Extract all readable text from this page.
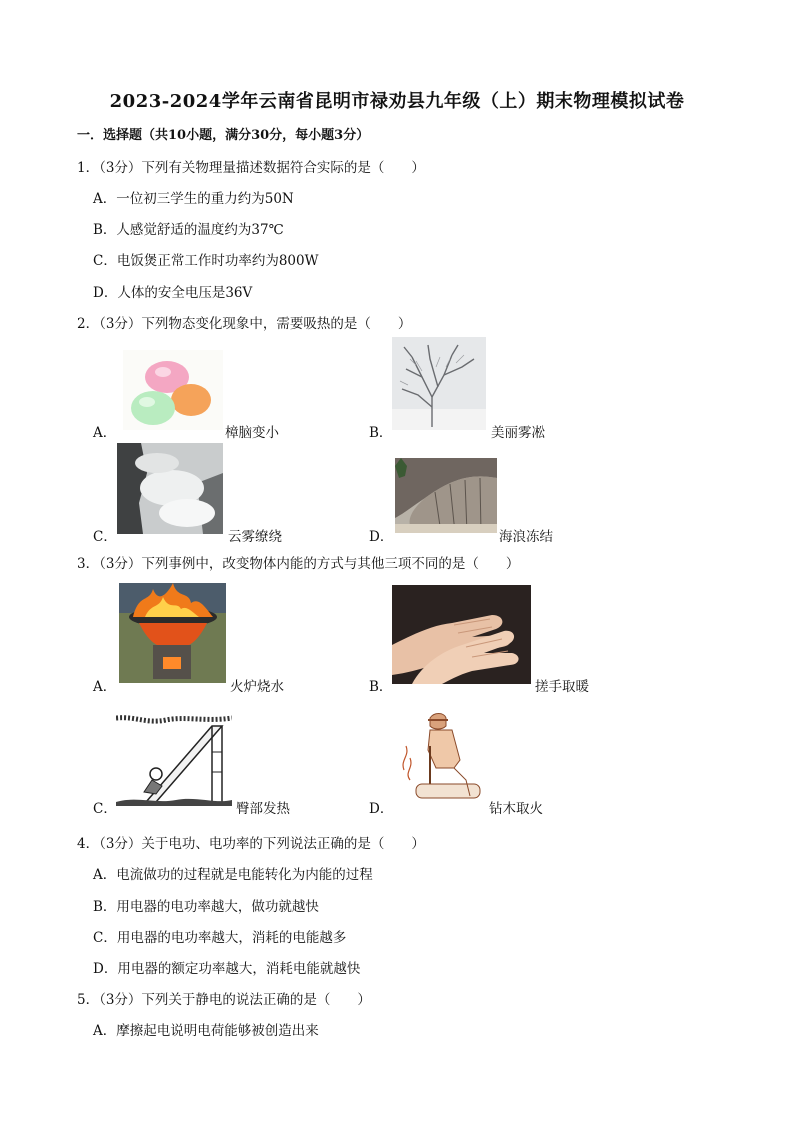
2023-2024学年云南省昆明市禄劝县九年级（上）期末物理模拟试卷
一．选择题（共10小题，满分30分，每小题3分）
1．（3分）下列有关物理量描述数据符合实际的是（　　）
A．一位初三学生的重力约为50N
B．人感觉舒适的温度约为37℃
C．电饭煲正常工作时功率约为800W
D．人体的安全电压是36V
2．（3分）下列物态变化现象中，需要吸热的是（　　）
A．	樟脑变小	B．	美丽雾凇
C．	云雾缭绕	D．	海浪冻结
3．（3分）下列事例中，改变物体内能的方式与其他三项不同的是（　　）
A．	火炉烧水	B．	搓手取暖
C．	臀部发热	D．	钻木取火
4．（3分）关于电功、电功率的下列说法正确的是（　　）
A．电流做功的过程就是电能转化为内能的过程
B．用电器的电功率越大，做功就越快
C．用电器的电功率越大，消耗的电能越多
D．用电器的额定功率越大，消耗电能就越快
5．（3分）下列关于静电的说法正确的是（　　）
A．摩擦起电说明电荷能够被创造出来
